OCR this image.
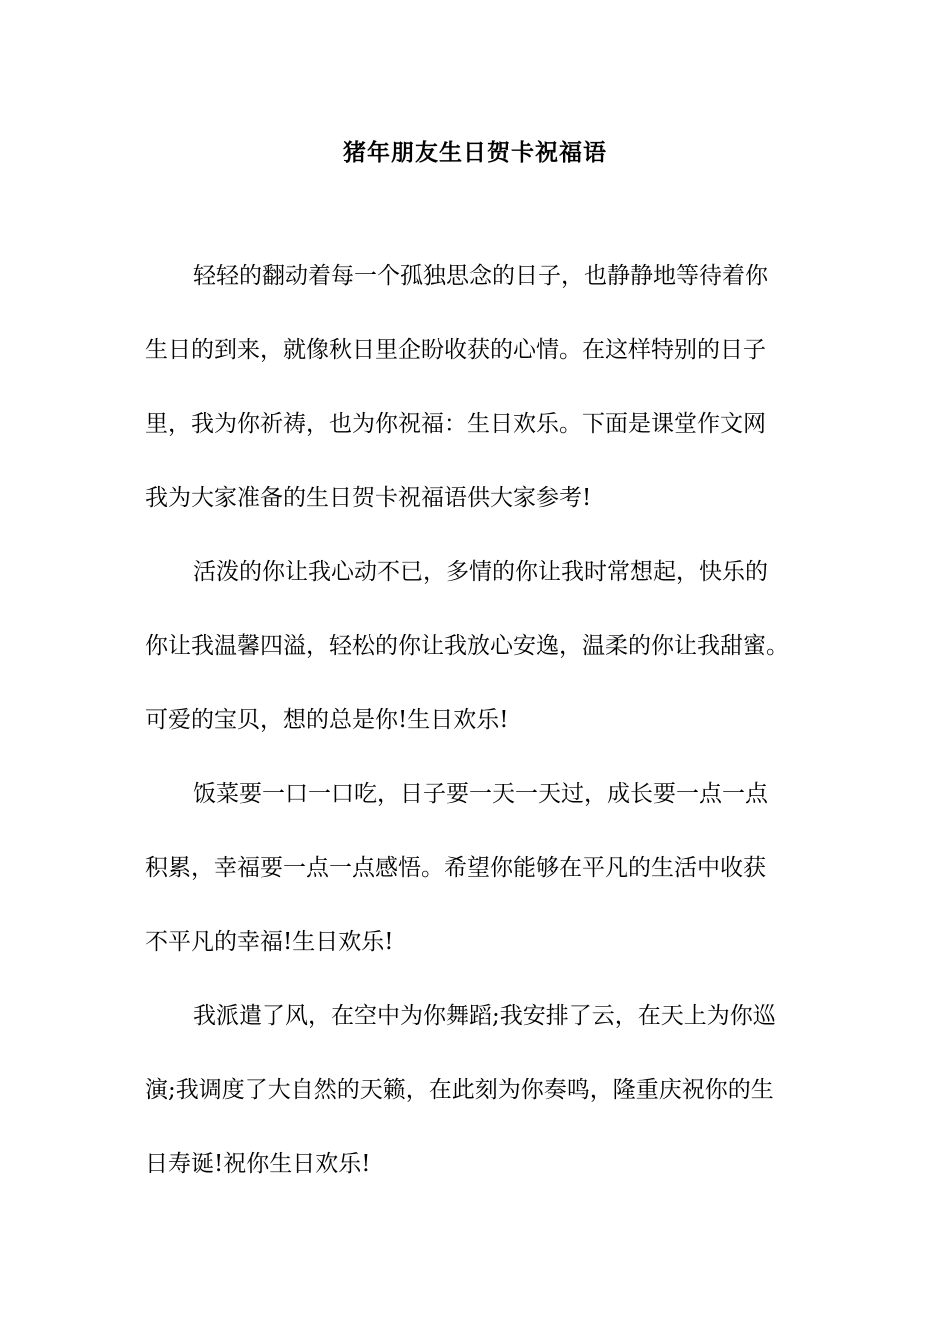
猪年朋友生日贺卡祝福语
轻轻的翻动着每一个孤独思念的日子，也静静地等待着你
生日的到来，就像秋日里企盼收获的心情。在这样特别的日子
里，我为你祈祷，也为你祝福：生日欢乐。下面是课堂作文网
我为大家准备的生日贺卡祝福语供大家参考!
活泼的你让我心动不已，多情的你让我时常想起，快乐的
你让我温馨四溢，轻松的你让我放心安逸，温柔的你让我甜蜜。
可爱的宝贝，想的总是你!生日欢乐!
饭菜要一口一口吃，日子要一天一天过，成长要一点一点
积累，幸福要一点一点感悟。希望你能够在平凡的生活中收获
不平凡的幸福!生日欢乐!
我派遣了风，在空中为你舞蹈;我安排了云，在天上为你巡
演;我调度了大自然的天籁，在此刻为你奏鸣，隆重庆祝你的生
日寿诞!祝你生日欢乐!
